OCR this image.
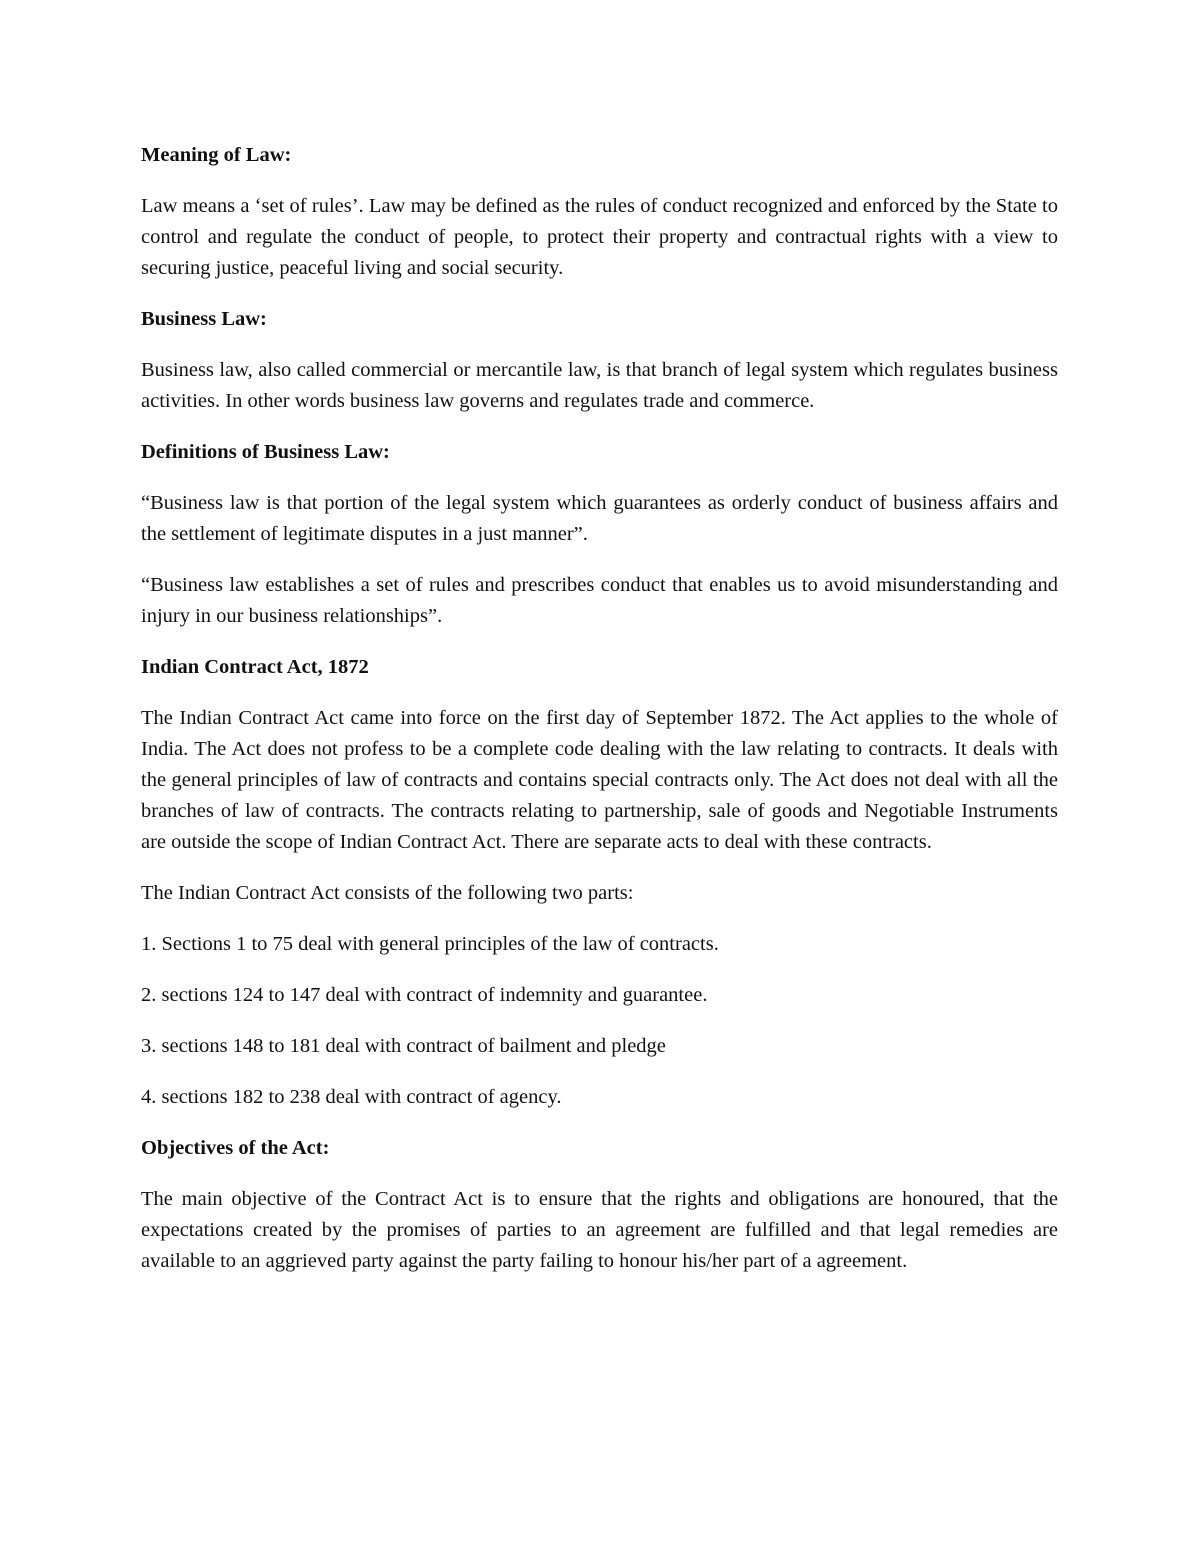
Meaning of Law:
Law means a ‘set of rules’. Law may be defined as the rules of conduct recognized and enforced by the State to control and regulate the conduct of people, to protect their property and contractual rights with a view to securing justice, peaceful living and social security.
Business Law:
Business law, also called commercial or mercantile law, is that branch of legal system which regulates business activities. In other words business law governs and regulates trade and commerce.
Definitions of Business Law:
“Business law is that portion of the legal system which guarantees as orderly conduct of business affairs and the settlement of legitimate disputes in a just manner”.
“Business law establishes a set of rules and prescribes conduct that enables us to avoid misunderstanding and injury in our business relationships”.
Indian Contract Act, 1872
The Indian Contract Act came into force on the first day of September 1872. The Act applies to the whole of India. The Act does not profess to be a complete code dealing with the law relating to contracts. It deals with the general principles of law of contracts and contains special contracts only. The Act does not deal with all the branches of law of contracts. The contracts relating to partnership, sale of goods and Negotiable Instruments are outside the scope of Indian Contract Act. There are separate acts to deal with these contracts.
The Indian Contract Act consists of the following two parts:
1. Sections 1 to 75 deal with general principles of the law of contracts.
2. sections 124 to 147 deal with contract of indemnity and guarantee.
3. sections 148 to 181 deal with contract of bailment and pledge
4. sections 182 to 238 deal with contract of agency.
Objectives of the Act:
The main objective of the Contract Act is to ensure that the rights and obligations are honoured, that the expectations created by the promises of parties to an agreement are fulfilled and that legal remedies are available to an aggrieved party against the party failing to honour his/her part of a agreement.
